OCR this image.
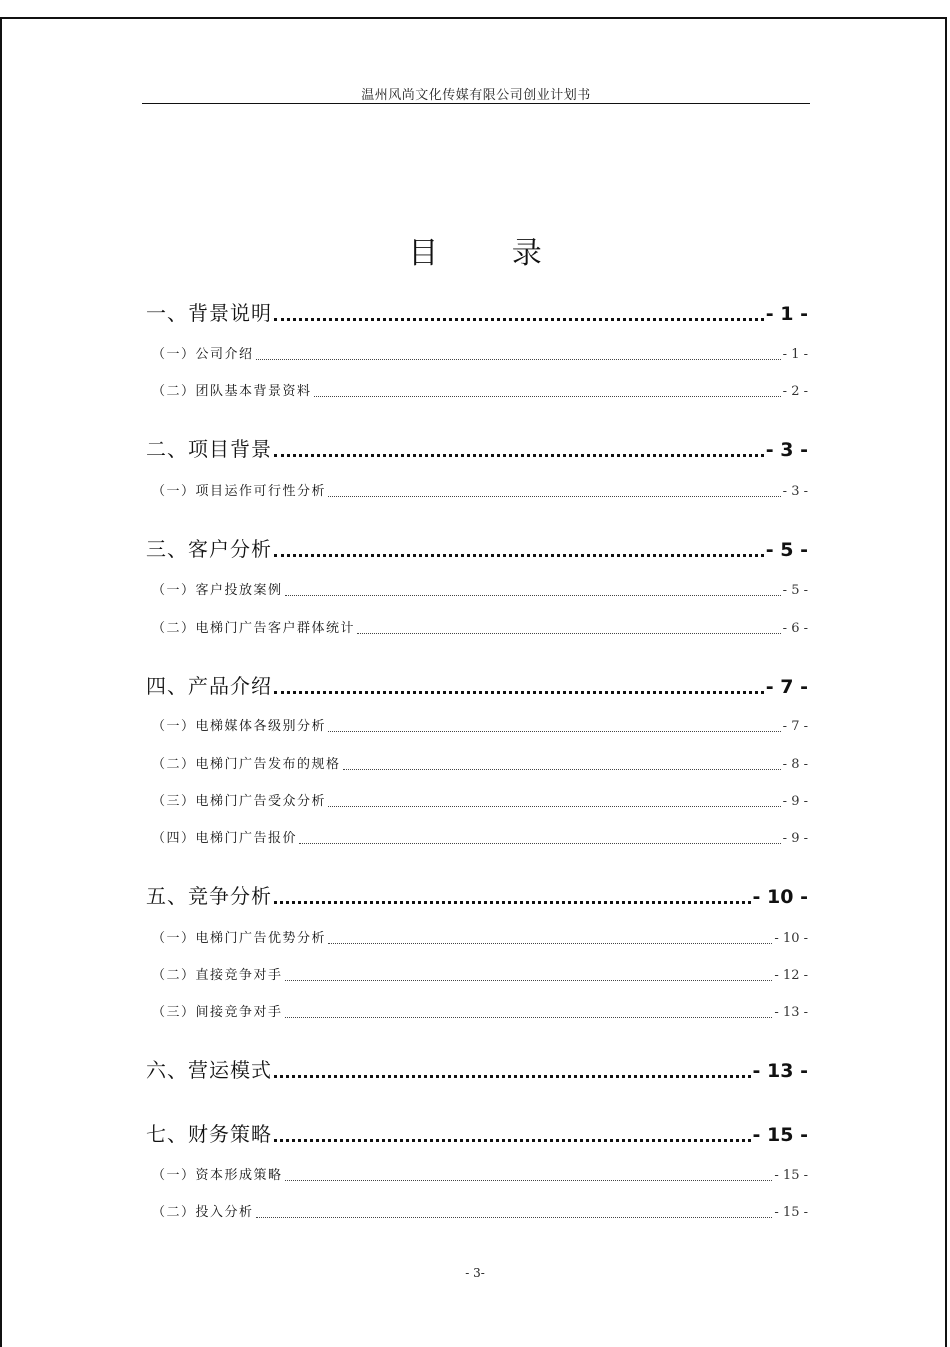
温州风尚文化传媒有限公司创业计划书
目 录
一、背景说明	- 1 -
（一）公司介绍	- 1 -
（二）团队基本背景资料	- 2 -
二、项目背景	- 3 -
（一）项目运作可行性分析	- 3 -
三、客户分析	- 5 -
（一）客户投放案例	- 5 -
（二）电梯门广告客户群体统计	- 6 -
四、产品介绍	- 7 -
（一）电梯媒体各级别分析	- 7 -
（二）电梯门广告发布的规格	- 8 -
（三）电梯门广告受众分析	- 9 -
（四）电梯门广告报价	- 9 -
五、竞争分析	- 10 -
（一）电梯门广告优势分析	- 10 -
（二）直接竞争对手	- 12 -
（三）间接竞争对手	- 13 -
六、营运模式	- 13 -
七、财务策略	- 15 -
（一）资本形成策略	- 15 -
（二）投入分析	- 15 -
- 3-
